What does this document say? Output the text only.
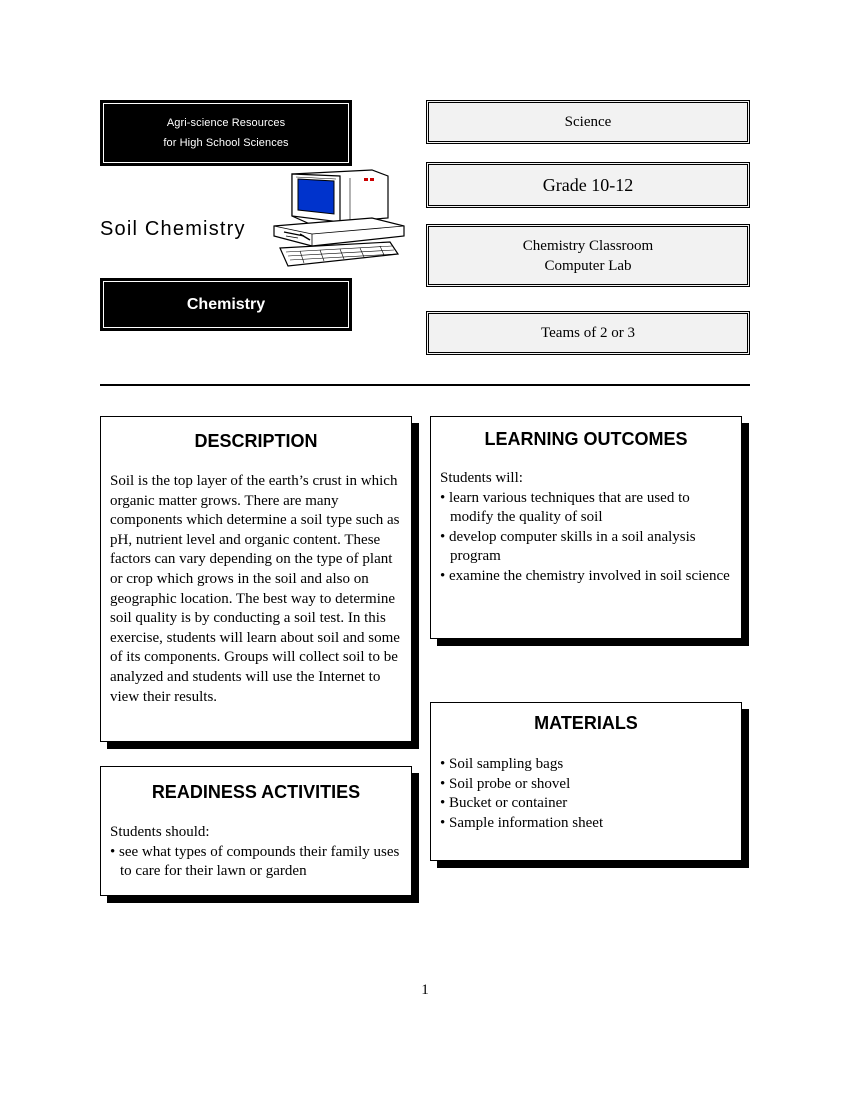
Agri-science Resources
for High School Sciences
Soil Chemistry
Chemistry
Science
Grade 10-12
Chemistry Classroom
Computer Lab
Teams of 2 or 3
DESCRIPTION

Soil is the top layer of the earth’s crust in which organic matter grows. There are many components which determine a soil type such as pH, nutrient level and organic content. These factors can vary depending on the type of plant or crop which grows in the soil and also on geographic location. The best way to determine soil quality is by conducting a soil test. In this exercise, students will learn about soil and some of its components. Groups will collect soil to be analyzed and students will use the Internet to view their results.

READINESS ACTIVITIES

Students should:

• see what types of compounds their family uses to care for their lawn or garden
LEARNING OUTCOMES

Students will:

• learn various techniques that are used to modify the quality of soil
• develop computer skills in a soil analysis program
• examine the chemistry involved in soil science
MATERIALS
• Soil sampling bags
• Soil probe or shovel
• Bucket or container
• Sample information sheet
1
